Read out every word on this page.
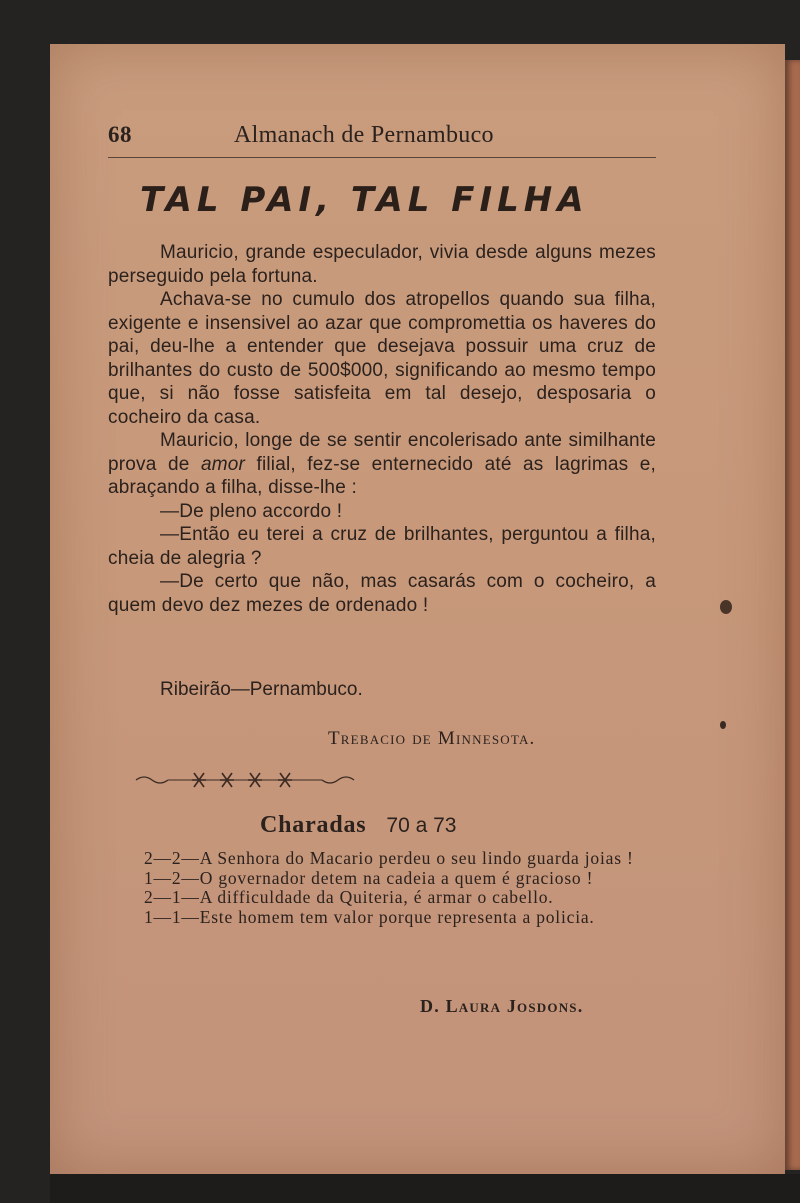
68	Almanach de Pernambuco
TAL PAI, TAL FILHA

Mauricio, grande especulador, vivia desde alguns mezes perseguido pela fortuna.

Achava-se no cumulo dos atropellos quando sua filha, exigente e insensivel ao azar que compromettia os haveres do pai, deu-lhe a entender que desejava possuir uma cruz de brilhantes do custo de 500$000, significando ao mesmo tempo que, si não fosse satisfeita em tal desejo, desposaria o cocheiro da casa.

Mauricio, longe de se sentir encolerisado ante similhante prova de amor filial, fez-se enternecido até as lagrimas e, abraçando a filha, disse-lhe :

—De pleno accordo !

—Então eu terei a cruz de brilhantes, perguntou a filha, cheia de alegria ?

—De certo que não, mas casarás com o cocheiro, a quem devo dez mezes de ordenado !

Ribeirão—Pernambuco.
Trebacio de Minnesota.
Charadas 70 a 73

2—2—A Senhora do Macario perdeu o seu lindo guarda joias !

1—2—O governador detem na cadeia a quem é gracioso !

2—1—A difficuldade da Quiteria, é armar o cabello.

1—1—Este homem tem valor porque representa a policia.

D. Laura Josdons.
